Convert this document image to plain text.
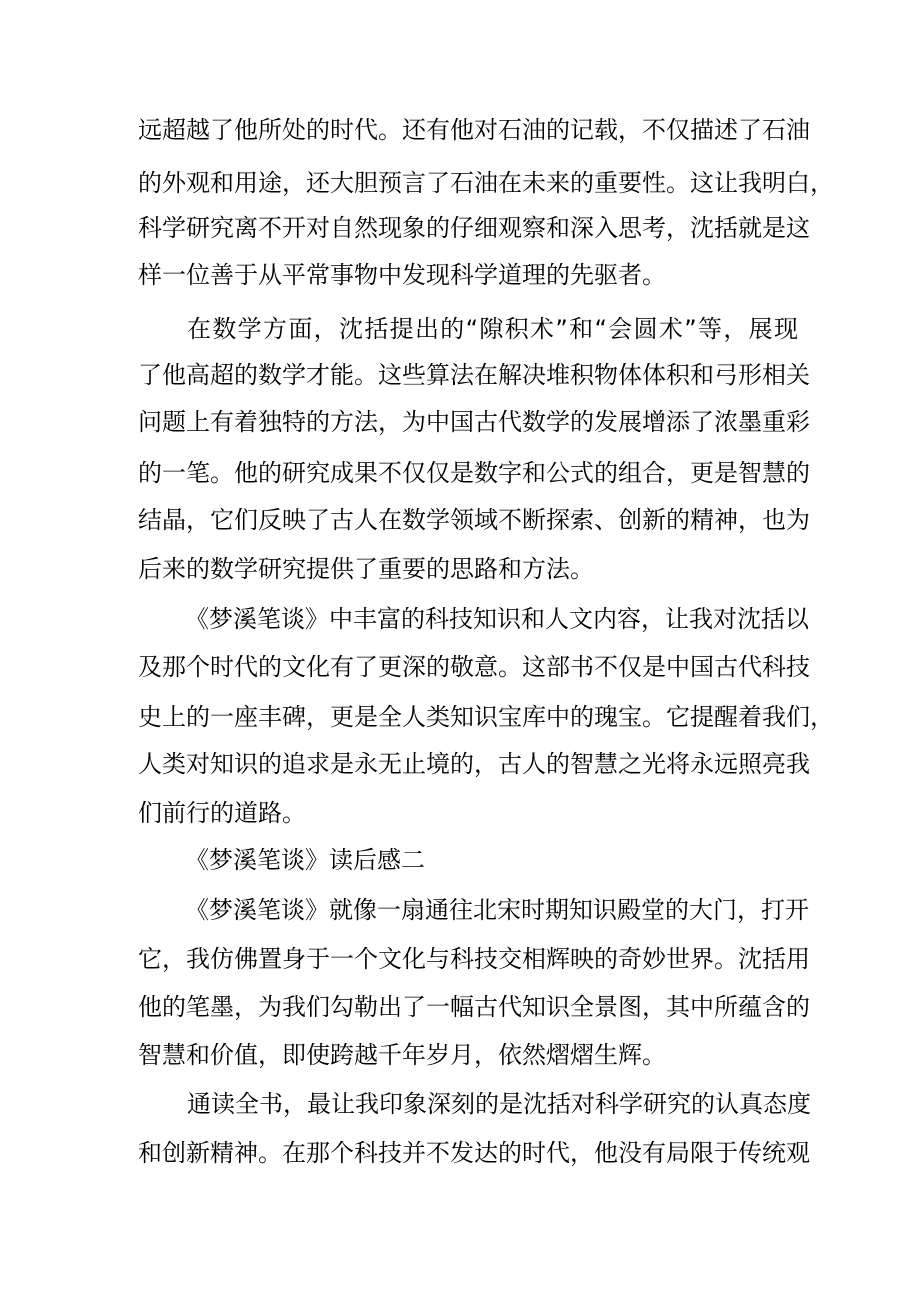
远超越了他所处的时代。还有他对石油的记载，不仅描述了石油
的外观和用途，还大胆预言了石油在未来的重要性。这让我明白，
科学研究离不开对自然现象的仔细观察和深入思考，沈括就是这
样一位善于从平常事物中发现科学道理的先驱者。
在数学方面，沈括提出的“隙积术”和“会圆术”等，展现
了他高超的数学才能。这些算法在解决堆积物体体积和弓形相关
问题上有着独特的方法，为中国古代数学的发展增添了浓墨重彩
的一笔。他的研究成果不仅仅是数字和公式的组合，更是智慧的
结晶，它们反映了古人在数学领域不断探索、创新的精神，也为
后来的数学研究提供了重要的思路和方法。
《梦溪笔谈》中丰富的科技知识和人文内容，让我对沈括以
及那个时代的文化有了更深的敬意。这部书不仅是中国古代科技
史上的一座丰碑，更是全人类知识宝库中的瑰宝。它提醒着我们，
人类对知识的追求是永无止境的，古人的智慧之光将永远照亮我
们前行的道路。
《梦溪笔谈》读后感二
《梦溪笔谈》就像一扇通往北宋时期知识殿堂的大门，打开
它，我仿佛置身于一个文化与科技交相辉映的奇妙世界。沈括用
他的笔墨，为我们勾勒出了一幅古代知识全景图，其中所蕴含的
智慧和价值，即使跨越千年岁月，依然熠熠生辉。
通读全书，最让我印象深刻的是沈括对科学研究的认真态度
和创新精神。在那个科技并不发达的时代，他没有局限于传统观
